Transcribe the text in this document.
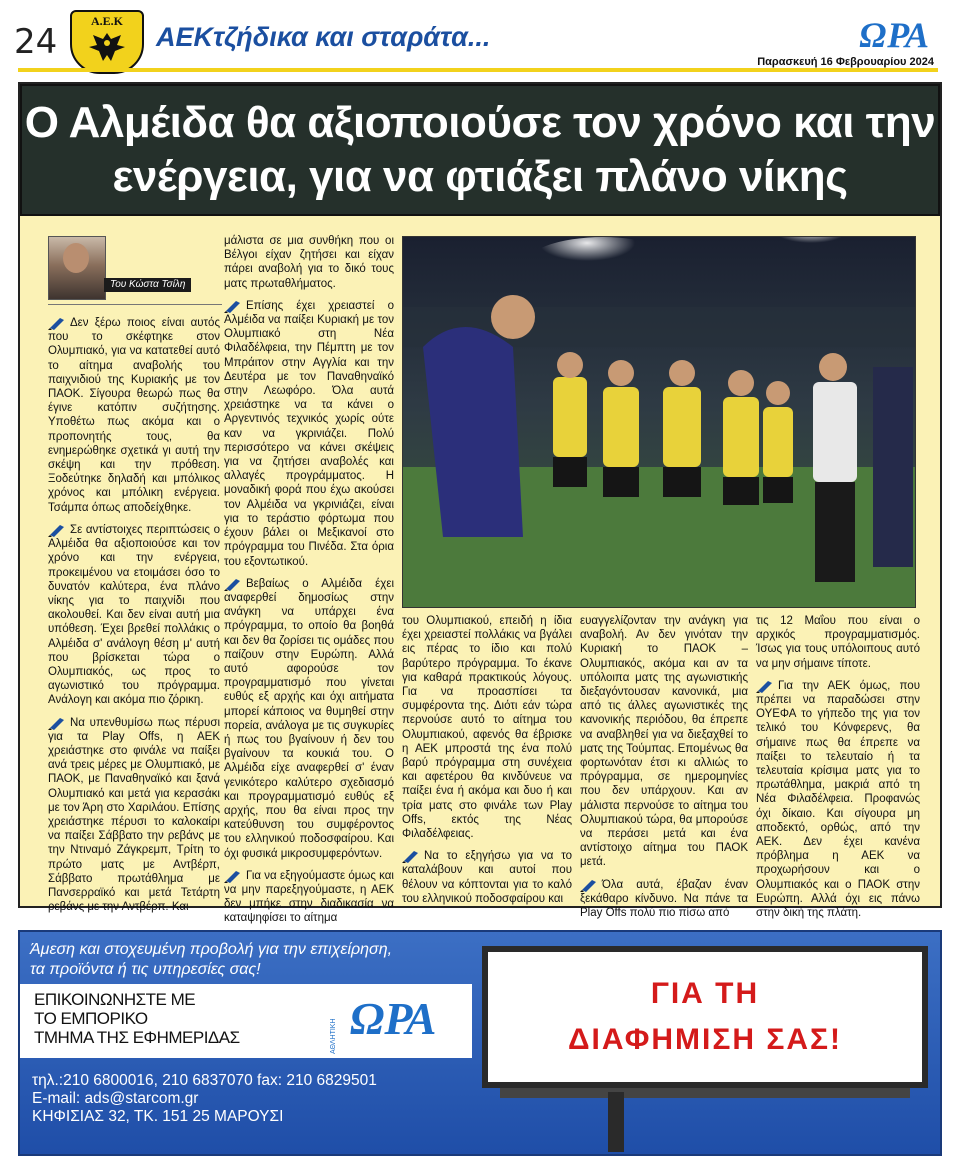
24
Α.Ε.Κ
ΑΕΚτζήδικα και σταράτα...	ΩΡΑ
Παρασκευή 16 Φεβρουαρίου 2024
Ο Αλμέιδα θα αξιοποιούσε τον χρόνο και την ενέργεια, για να φτιάξει πλάνο νίκης
Του Κώστα Τσίλη

Δεν ξέρω ποιος είναι αυτός που το σκέφτηκε στον Ολυμπιακό, για να κατατεθεί αυτό το αίτημα αναβολής του παιχνιδιού της Κυριακής με τον ΠΑΟΚ. Σίγουρα θεωρώ πως θα έγινε κατόπιν συζήτησης. Υποθέτω πως ακόμα και ο προπονητής τους, θα ενημερώθηκε σχετικά γι αυτή την σκέψη και την πρόθεση. Ξοδεύτηκε δηλαδή και μπόλικος χρόνος και μπόλικη ενέργεια. Τσάμπα όπως αποδείχθηκε.

Σε αντίστοιχες περιπτώσεις ο Αλμέιδα θα αξιοποιούσε και τον χρόνο και την ενέργεια, προκειμένου να ετοιμάσει όσο το δυνατόν καλύτερα, ένα πλάνο νίκης για το παιχνίδι που ακολουθεί. Και δεν είναι αυτή μια υπόθεση. Έχει βρεθεί πολλάκις ο Αλμέιδα σ' ανάλογη θέση μ' αυτή που βρίσκεται τώρα ο Ολυμπιακός, ως προς το αγωνιστικό του πρόγραμμα. Ανάλογη και ακόμα πιο ζόρικη.

Να υπενθυμίσω πως πέρυσι για τα Play Offs, η ΑΕΚ χρειάστηκε στο φινάλε να παίξει ανά τρεις μέρες με Ολυμπιακό, με ΠΑΟΚ, με Παναθηναϊκό και ξανά Ολυμπιακό και μετά για κερασάκι με τον Άρη στο Χαριλάου. Επίσης χρειάστηκε πέρυσι το καλοκαίρι να παίξει Σάββατο την ρεβάνς με την Ντιναμό Ζάγκρεμπ, Τρίτη το πρώτο ματς με Αντβέρπ, Σάββατο πρωτάθλημα με Πανσερραϊκό και μετά Τετάρτη ρεβάνς με την Αντβέρπ. Και

μάλιστα σε μια συνθήκη που οι Βέλγοι είχαν ζητήσει και είχαν πάρει αναβολή για το δικό τους ματς πρωταθλήματος.

Επίσης έχει χρειαστεί ο Αλμέιδα να παίξει Κυριακή με τον Ολυμπιακό στη Νέα Φιλαδέλφεια, την Πέμπτη με τον Μπράιτον στην Αγγλία και την Δευτέρα με τον Παναθηναϊκό στην Λεωφόρο. Όλα αυτά χρειάστηκε να τα κάνει ο Αργεντινός τεχνικός χωρίς ούτε καν να γκρινιάζει. Πολύ περισσότερο να κάνει σκέψεις για να ζητήσει αναβολές και αλλαγές προγράμματος. Η μοναδική φορά που έχω ακούσει τον Αλμέιδα να γκρινιάζει, είναι για το τεράστιο φόρτωμα που έχουν βάλει οι Μεξικανοί στο πρόγραμμα του Πινέδα. Στα όρια του εξοντωτικού.

Βεβαίως ο Αλμέιδα έχει αναφερθεί δημοσίως στην ανάγκη να υπάρχει ένα πρόγραμμα, το οποίο θα βοηθά και δεν θα ζορίσει τις ομάδες που παίζουν στην Ευρώπη. Αλλά αυτό αφορούσε τον προγραμματισμό που γίνεται ευθύς εξ αρχής και όχι αιτήματα μπορεί κάποιος να θυμηθεί στην πορεία, ανάλογα με τις συγκυρίες ή πως του βγαίνουν ή δεν του βγαίνουν τα κουκιά του. Ο Αλμέιδα είχε αναφερθεί σ' έναν γενικότερο καλύτερο σχεδιασμό και προγραμματισμό ευθύς εξ αρχής, που θα είναι προς την κατεύθυνση του συμφέροντος του ελληνικού ποδοσφαίρου. Και όχι φυσικά μικροσυμφερόντων.

Για να εξηγούμαστε όμως και να μην παρεξηγούμαστε, η ΑΕΚ δεν μπήκε στην διαδικασία να καταψηφίσει το αίτημα

του Ολυμπιακού, επειδή η ίδια έχει χρειαστεί πολλάκις να βγάλει εις πέρας το ίδιο και πολύ βαρύτερο πρόγραμμα. Το έκανε για καθαρά πρακτικούς λόγους. Για να προασπίσει τα συμφέροντα της. Διότι εάν τώρα περνούσε αυτό το αίτημα του Ολυμπιακού, αφενός θα έβρισκε η ΑΕΚ μπροστά της ένα πολύ βαρύ πρόγραμμα στη συνέχεια και αφετέρου θα κινδύνευε να παίξει ένα ή ακόμα και δυο ή και τρία ματς στο φινάλε των Play Offs, εκτός της Νέας Φιλαδέλφειας.

Να το εξηγήσω για να το καταλάβουν και αυτοί που θέλουν να κόπτονται για το καλό του ελληνικού ποδοσφαίρου και

ευαγγελίζονταν την ανάγκη για αναβολή. Αν δεν γινόταν την Κυριακή το ΠΑΟΚ – Ολυμπιακός, ακόμα και αν τα υπόλοιπα ματς της αγωνιστικής διεξαγόντουσαν κανονικά, μια από τις άλλες αγωνιστικές της κανονικής περιόδου, θα έπρεπε να αναβληθεί για να διεξαχθεί το ματς της Τούμπας. Επομένως θα φορτωνόταν έτσι κι αλλιώς το πρόγραμμα, σε ημερομηνίες που δεν υπάρχουν. Και αν μάλιστα περνούσε το αίτημα του Ολυμπιακού τώρα, θα μπορούσε να περάσει μετά και ένα αντίστοιχο αίτημα του ΠΑΟΚ μετά.

Όλα αυτά, έβαζαν έναν ξεκάθαρο κίνδυνο. Να πάνε τα Play Offs πολύ πιο πίσω από

τις 12 Μαΐου που είναι ο αρχικός προγραμματισμός. Ίσως για τους υπόλοιπους αυτό να μην σήμαινε τίποτε.

Για την ΑΕΚ όμως, που πρέπει να παραδώσει στην ΟΥΕΦΑ το γήπεδο της για τον τελικό του Κόνφερενς, θα σήμαινε πως θα έπρεπε να παίξει το τελευταίο ή τα τελευταία κρίσιμα ματς για το πρωτάθλημα, μακριά από τη Νέα Φιλαδέλφεια. Προφανώς όχι δίκαιο. Και σίγουρα μη αποδεκτό, ορθώς, από την ΑΕΚ. Δεν έχει κανένα πρόβλημα η ΑΕΚ να προχωρήσουν και ο Ολυμπιακός και ο ΠΑΟΚ στην Ευρώπη. Αλλά όχι εις πάνω στην δική της πλάτη.

Άμεση και στοχευμένη προβολή για την επιχείρηση,
τα προϊόντα ή τις υπηρεσίες σας!
ΕΠΙΚΟΙΝΩΝΗΣΤΕ ΜΕ
ΤΟ ΕΜΠΟΡΙΚΟ
ΤΜΗΜΑ ΤΗΣ ΕΦΗΜΕΡΙΔΑΣ	ΑΘΛΗΤΙΚΗ ΩΡΑ
τηλ.:210 6800016, 210 6837070 fax: 210 6829501
E-mail: ads@starcom.gr
ΚΗΦΙΣΙΑΣ 32, ΤΚ. 151 25 ΜΑΡΟΥΣΙ
ΓΙΑ ΤΗ
ΔΙΑΦΗΜΙΣΗ ΣΑΣ!
